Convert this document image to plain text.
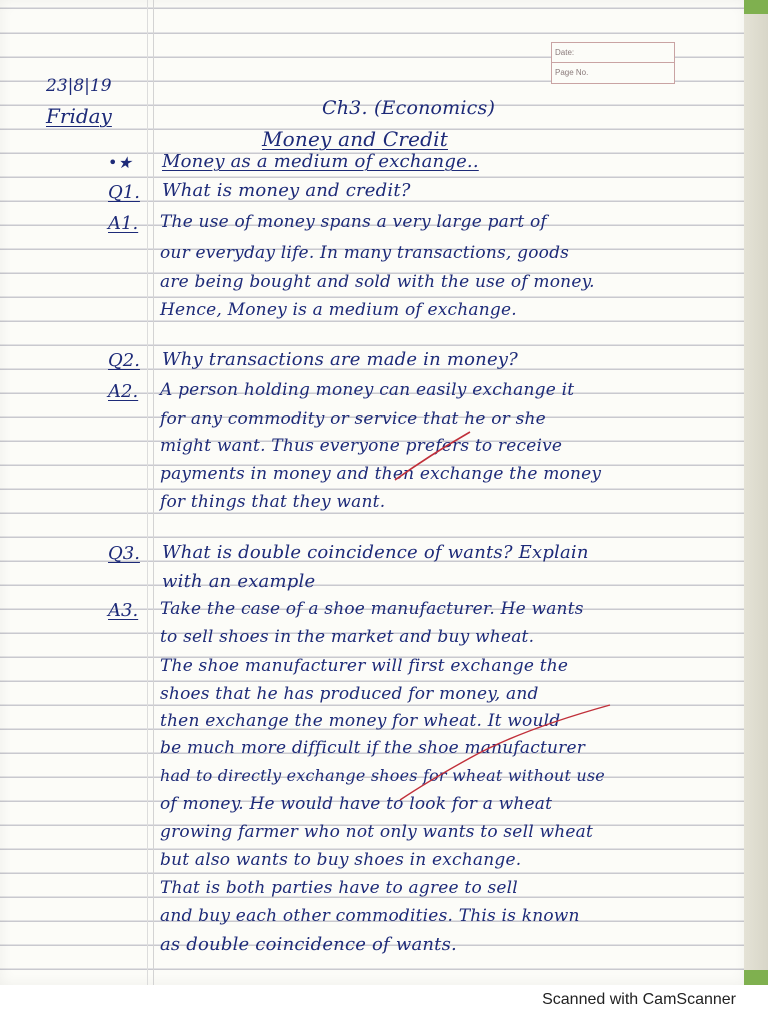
Date:
Page No.
23|8|19
Friday	Ch3. (Economics)
Money and Credit
•★ Money as a medium of exchange..
Q1. What is money and credit?
A1. The use of money spans a very large part of
our everyday life. In many transactions, goods
are being bought and sold with the use of money.
Hence, Money is a medium of exchange.
Q2. Why transactions are made in money?
A2. A person holding money can easily exchange it
for any commodity or service that he or she
might want. Thus everyone prefers to receive
payments in money and then exchange the money
for things that they want.
Q3. What is double coincidence of wants? Explain
with an example
A3. Take the case of a shoe manufacturer. He wants
to sell shoes in the market and buy wheat.
The shoe manufacturer will first exchange the
shoes that he has produced for money, and
then exchange the money for wheat. It would
be much more difficult if the shoe manufacturer
had to directly exchange shoes for wheat without use
of money. He would have to look for a wheat
growing farmer who not only wants to sell wheat
but also wants to buy shoes in exchange.
That is both parties have to agree to sell
and buy each other commodities. This is known
as double coincidence of wants.
Scanned with CamScanner
